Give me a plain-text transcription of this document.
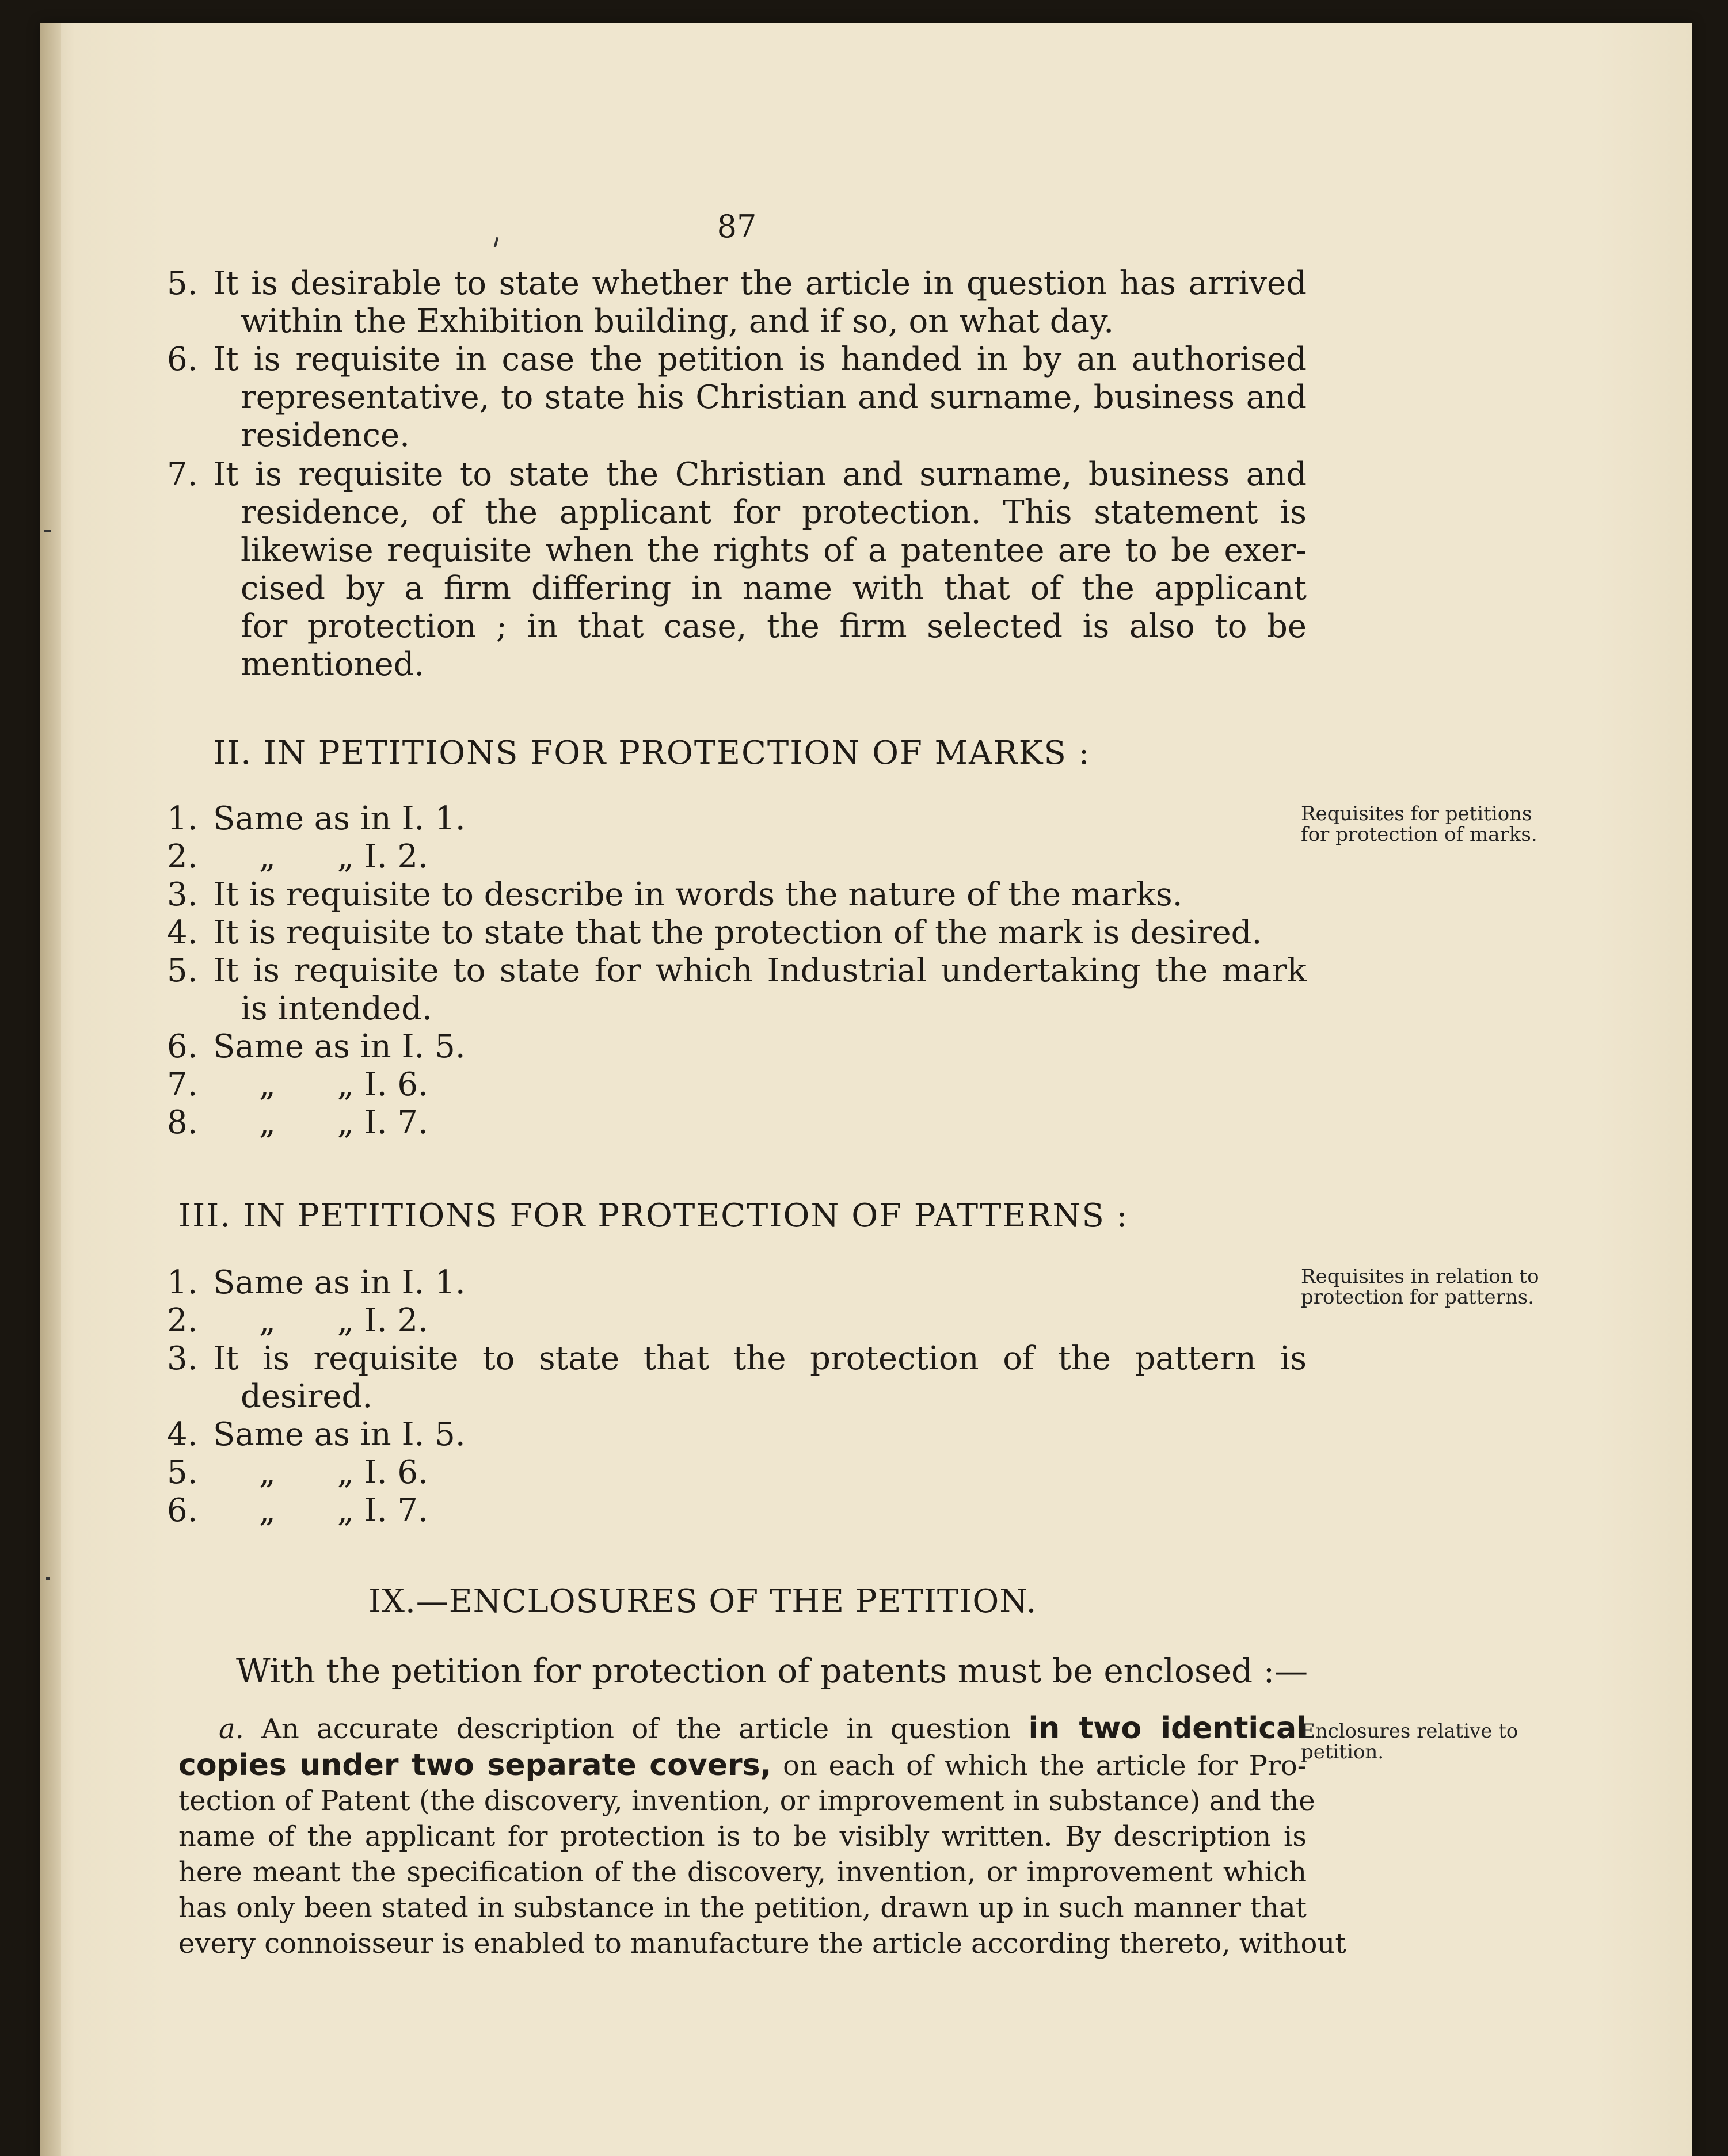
87
5. It is desirable to state whether the article in question has arrived
within the Exhibition building, and if so, on what day.
6. It is requisite in case the petition is handed in by an authorised
representative, to state his Christian and surname, business and
residence.
7. It is requisite to state the Christian and surname, business and
residence, of the applicant for protection. This statement is
likewise requisite when the rights of a patentee are to be exer-
cised by a firm differing in name with that of the applicant
for protection ; in that case, the firm selected is also to be
mentioned.
II. IN PETITIONS FOR PROTECTION OF MARKS :
Requisites for petitions for protection of marks.
1. Same as in I. 1.
2. „      „ I. 2.
3. It is requisite to describe in words the nature of the marks.
4. It is requisite to state that the protection of the mark is desired.
5. It is requisite to state for which Industrial undertaking the mark
is intended.
6. Same as in I. 5.
7. „      „ I. 6.
8. „      „ I. 7.
III. IN PETITIONS FOR PROTECTION OF PATTERNS :
Requisites in relation to protection for patterns.
1. Same as in I. 1.
2. „      „ I. 2.
3. It is requisite to state that the protection of the pattern is
desired.
4. Same as in I. 5.
5. „      „ I. 6.
6. „      „ I. 7.
IX.—ENCLOSURES OF THE PETITION.
With the petition for protection of patents must be enclosed :—
Enclosures relative to petition.
a. An accurate description of the article in question in two identical
copies under two separate covers, on each of which the article for Pro-
tection of Patent (the discovery, invention, or improvement in substance) and the
name of the applicant for protection is to be visibly written. By description is
here meant the specification of the discovery, invention, or improvement which
has only been stated in substance in the petition, drawn up in such manner that
every connoisseur is enabled to manufacture the article according thereto, without
